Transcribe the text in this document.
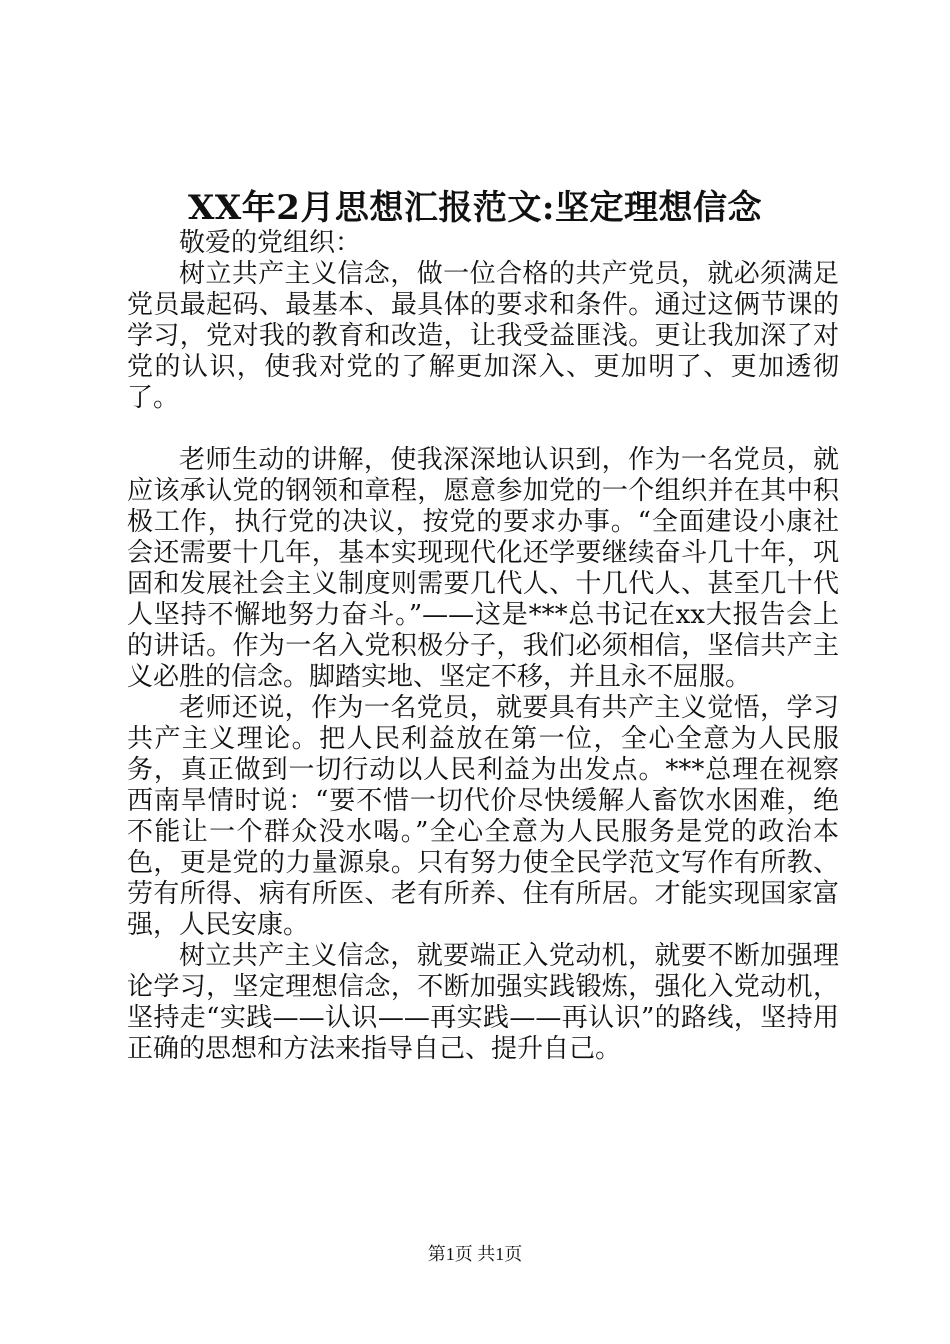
XX年2月思想汇报范文:坚定理想信念

敬爱的党组织：

树立共产主义信念，做一位合格的共产党员，就必须满足党员最起码、最基本、最具体的要求和条件。通过这俩节课的学习，党对我的教育和改造，让我受益匪浅。更让我加深了对党的认识，使我对党的了解更加深入、更加明了、更加透彻了。

老师生动的讲解，使我深深地认识到，作为一名党员，就应该承认党的钢领和章程，愿意参加党的一个组织并在其中积极工作，执行党的决议，按党的要求办事。“全面建设小康社会还需要十几年，基本实现现代化还学要继续奋斗几十年，巩固和发展社会主义制度则需要几代人、十几代人、甚至几十代人坚持不懈地努力奋斗。”——这是***总书记在xx大报告会上的讲话。作为一名入党积极分子，我们必须相信，坚信共产主义必胜的信念。脚踏实地、坚定不移，并且永不屈服。

老师还说，作为一名党员，就要具有共产主义觉悟，学习共产主义理论。把人民利益放在第一位，全心全意为人民服务，真正做到一切行动以人民利益为出发点。***总理在视察西南旱情时说：“要不惜一切代价尽快缓解人畜饮水困难，绝不能让一个群众没水喝。”全心全意为人民服务是党的政治本色，更是党的力量源泉。只有努力使全民学范文写作有所教、劳有所得、病有所医、老有所养、住有所居。才能实现国家富强，人民安康。

树立共产主义信念，就要端正入党动机，就要不断加强理论学习，坚定理想信念，不断加强实践锻炼，强化入党动机，坚持走“实践——认识——再实践——再认识”的路线，坚持用正确的思想和方法来指导自己、提升自己。

第1页 共1页
